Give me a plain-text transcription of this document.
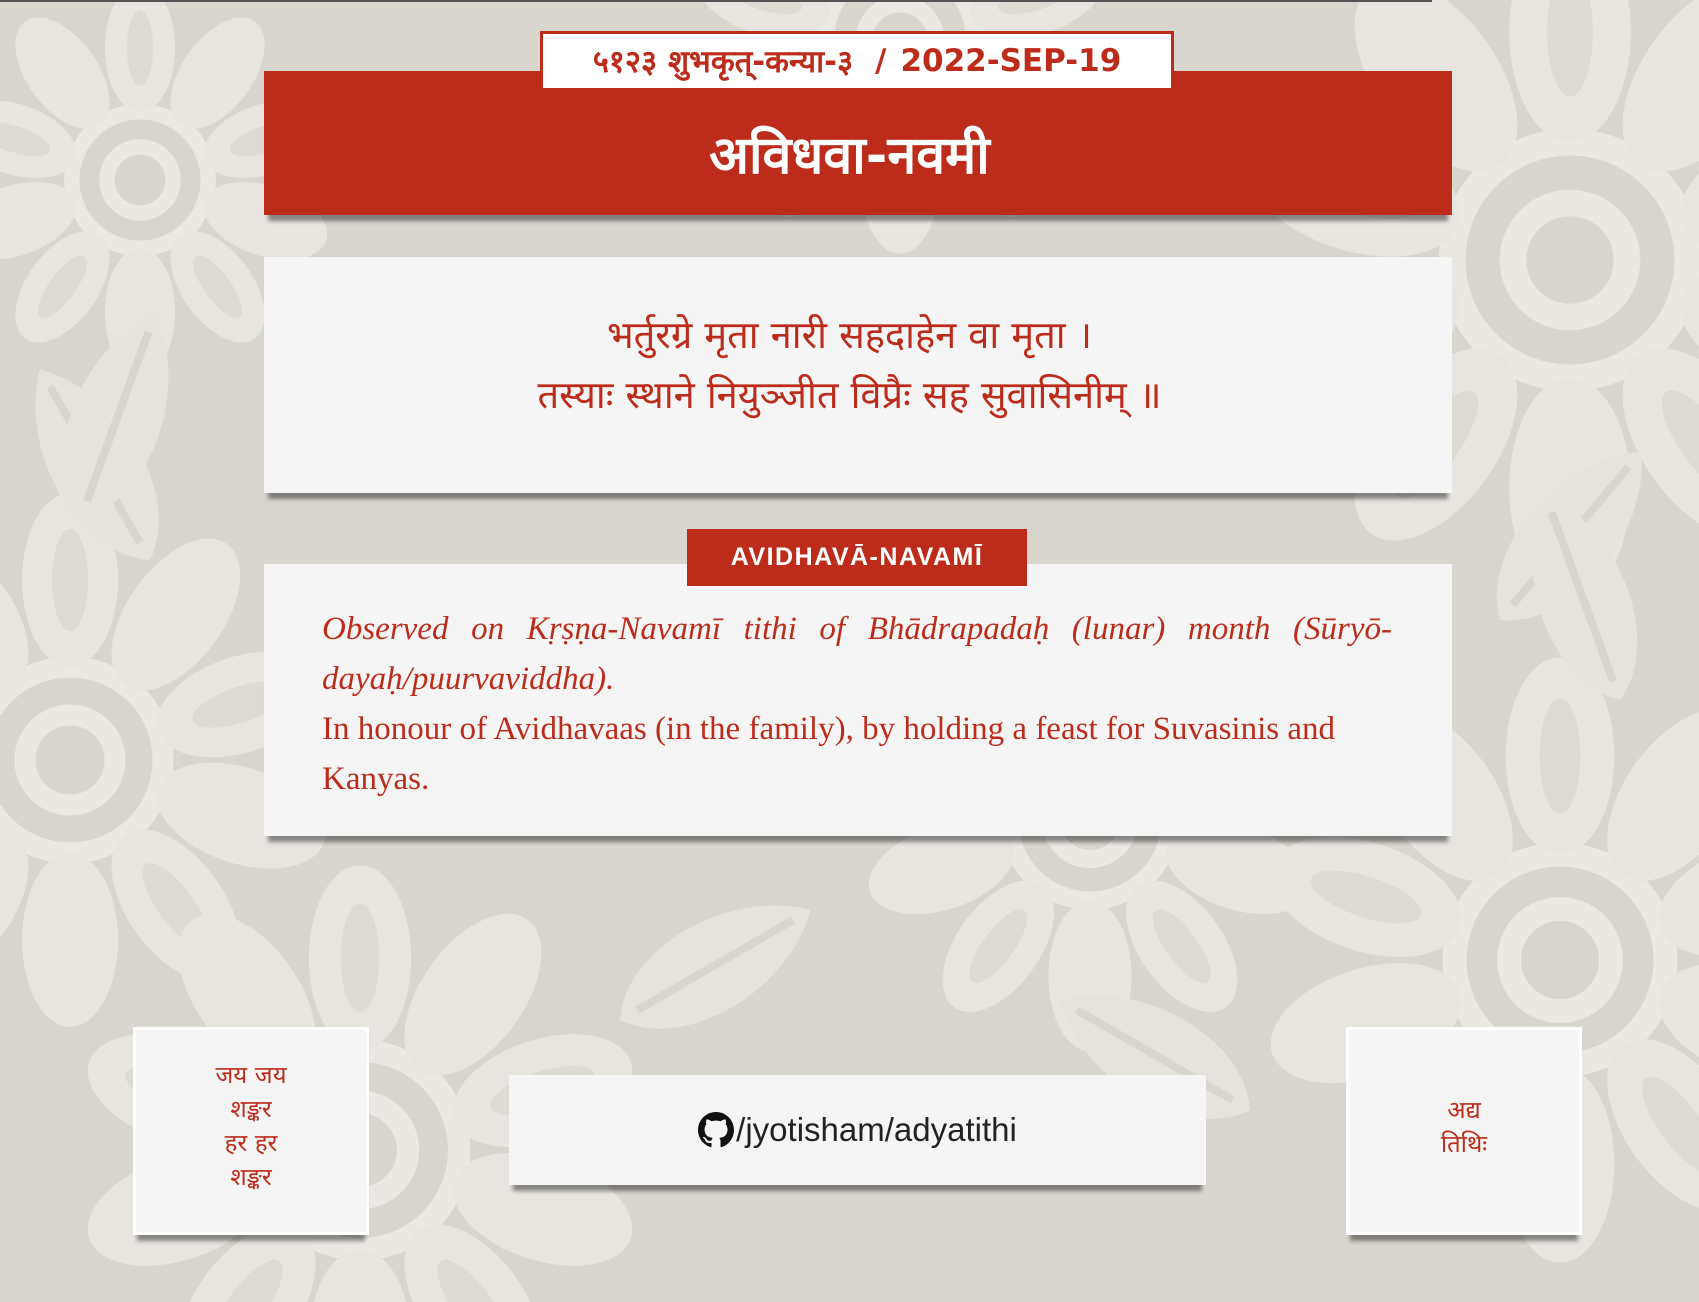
अविधवा-नवमी
५१२३ शुभकृत्-कन्या-३ / 2022-SEP-19
भर्तुरग्रे मृता नारी सहदाहेन वा मृता ।
तस्याः स्थाने नियुञ्जीत विप्रैः सह सुवासिनीम् ॥
AVIDHAVĀ-NAVAMĪ
Observed on Kṛṣṇa-Navamī tithi of Bhādrapadaḥ (lunar) month (Sūryō-dayaḥ/puurvaviddha).
In honour of Avidhavaas (in the family), by holding a feast for Suvasinis and Kanyas.
जय जय
शङ्कर
हर हर
शङ्कर
/jyotisham/adyatithi
अद्य
तिथिः
